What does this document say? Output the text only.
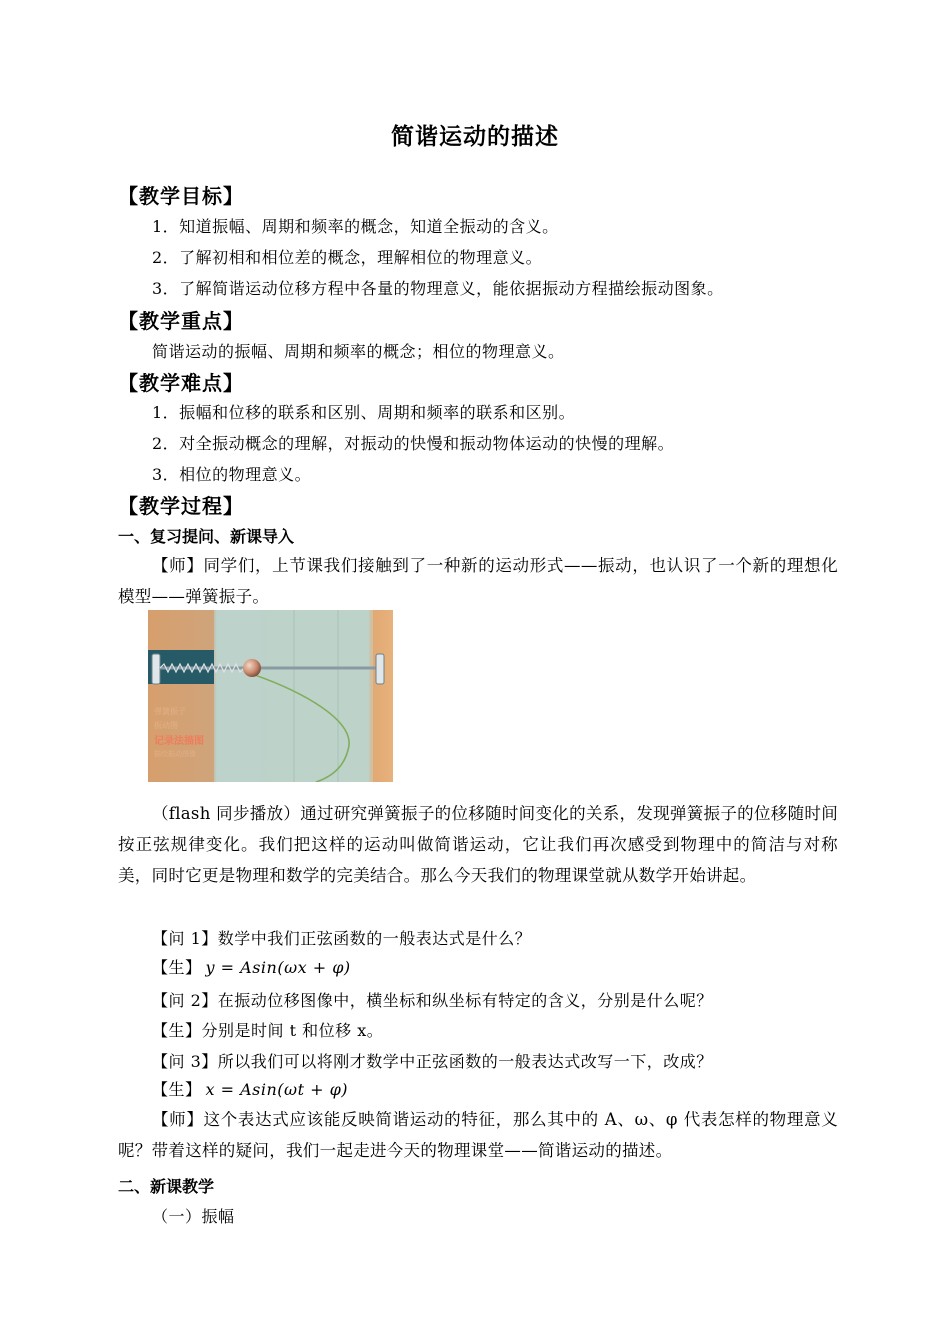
简谐运动的描述
【教学目标】
1．知道振幅、周期和频率的概念，知道全振动的含义。
2．了解初相和相位差的概念，理解相位的物理意义。
3．了解简谐运动位移方程中各量的物理意义，能依据振动方程描绘振动图象。
【教学重点】
简谐运动的振幅、周期和频率的概念；相位的物理意义。
【教学难点】
1．振幅和位移的联系和区别、周期和频率的联系和区别。
2．对全振动概念的理解，对振动的快慢和振动物体运动的快慢的理解。
3．相位的物理意义。
【教学过程】
一、复习提问、新课导入
【师】同学们，上节课我们接触到了一种新的运动形式——振动，也认识了一个新的理想化模型——弹簧振子。
弹簧振子
振动图
记录法描图
描绘振动图像
（flash 同步播放）通过研究弹簧振子的位移随时间变化的关系，发现弹簧振子的位移随时间按正弦规律变化。我们把这样的运动叫做简谐运动，它让我们再次感受到物理中的简洁与对称美，同时它更是物理和数学的完美结合。那么今天我们的物理课堂就从数学开始讲起。
【问 1】数学中我们正弦函数的一般表达式是什么？
【生】 y = Asin(ωx + φ)
【问 2】在振动位移图像中，横坐标和纵坐标有特定的含义，分别是什么呢？
【生】分别是时间 t 和位移 x。
【问 3】所以我们可以将刚才数学中正弦函数的一般表达式改写一下，改成？
【生】 x = Asin(ωt + φ)
【师】这个表达式应该能反映简谐运动的特征，那么其中的 A、ω、φ 代表怎样的物理意义呢？带着这样的疑问，我们一起走进今天的物理课堂——简谐运动的描述。
二、新课教学
（一）振幅
